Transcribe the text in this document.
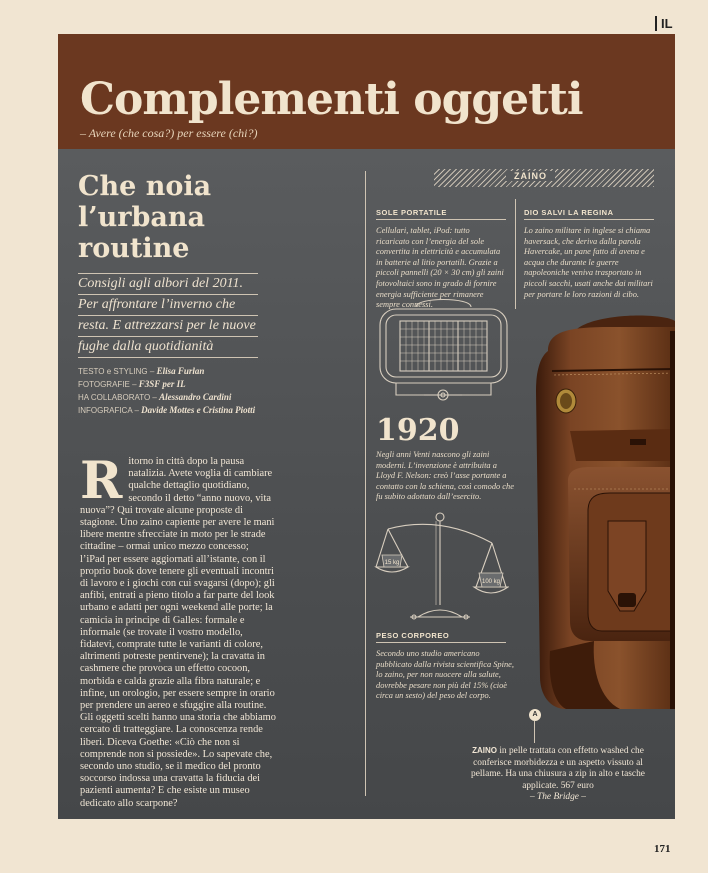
IL
Complementi oggetti
– Avere (che cosa?) per essere (chi?)
Che noia
l’urbana
routine
Consigli agli albori del 2011.
Per affrontare l’inverno che
resta. E attrezzarsi per le nuove
fughe dalla quotidianità
TESTO e STYLING – Elisa Furlan
FOTOGRAFIE – F3SF per IL
HA COLLABORATO – Alessandro Cardini
INFOGRAFICA – Davide Mottes e Cristina Piotti
Ritorno in città dopo la pausa natalizia. Avete voglia di cambiare qualche dettaglio quotidiano, secondo il detto “anno nuovo, vita nuova”? Qui trovate alcune proposte di stagione. Uno zaino capiente per avere le mani libere mentre sfrecciate in moto per le strade cittadine – ormai unico mezzo concesso; l’iPad per essere aggiornati all’istante, con il proprio book dove tenere gli eventuali incontri di lavoro e i giochi con cui svagarsi (dopo); gli anfibi, entrati a pieno titolo a far parte del look urbano e adatti per ogni weekend alle porte; la camicia in principe di Galles: formale e informale (se trovate il vostro modello, fidatevi, comprate tutte le varianti di colore, altrimenti potreste pentirvene); la cravatta in cashmere che provoca un effetto cocoon, morbida e calda grazie alla fibra naturale; e infine, un orologio, per essere sempre in orario per prendere un aereo e sfuggire alla routine. Gli oggetti scelti hanno una storia che abbiamo cercato di tratteggiare. La conoscenza rende liberi. Diceva Goethe: «Ciò che non si comprende non si possiede». Lo sapevate che, secondo uno studio, se il medico del pronto soccorso indossa una cravatta la fiducia dei pazienti aumenta? E che esiste un museo dedicato allo scarpone?
ZAINO
SOLE PORTATILE
Cellulari, tablet, iPod: tutto ricaricato con l’energia del sole convertita in elettricità e accumulata in batterie al litio portatili. Grazie a piccoli pannelli (20 × 30 cm) gli zaini fotovoltaici sono in grado di fornire energia sufficiente per rimanere sempre connessi.
DIO SALVI LA REGINA
Lo zaino militare in inglese si chiama haversack, che deriva dalla parola Havercake, un pane fatto di avena e acqua che durante le guerre napoleoniche veniva trasportato in piccoli sacchi, usati anche dai militari per portare le loro razioni di cibo.
1920
Negli anni Venti nascono gli zaini moderni. L’invenzione è attribuita a Lloyd F. Nelson: creò l’asse portante a contatto con la schiena, così comodo che fu subito adottato dall’esercito.
15 kg
100 kg
PESO CORPOREO
Secondo uno studio americano pubblicato dalla rivista scientifica Spine, lo zaino, per non nuocere alla salute, dovrebbe pesare non più del 15% (cioè circa un sesto) del peso del corpo.
A
ZAINO in pelle trattata con effetto washed che conferisce morbidezza e un aspetto vissuto al pellame. Ha una chiusura a zip in alto e tasche applicate. 567 euro
– The Bridge –
171
